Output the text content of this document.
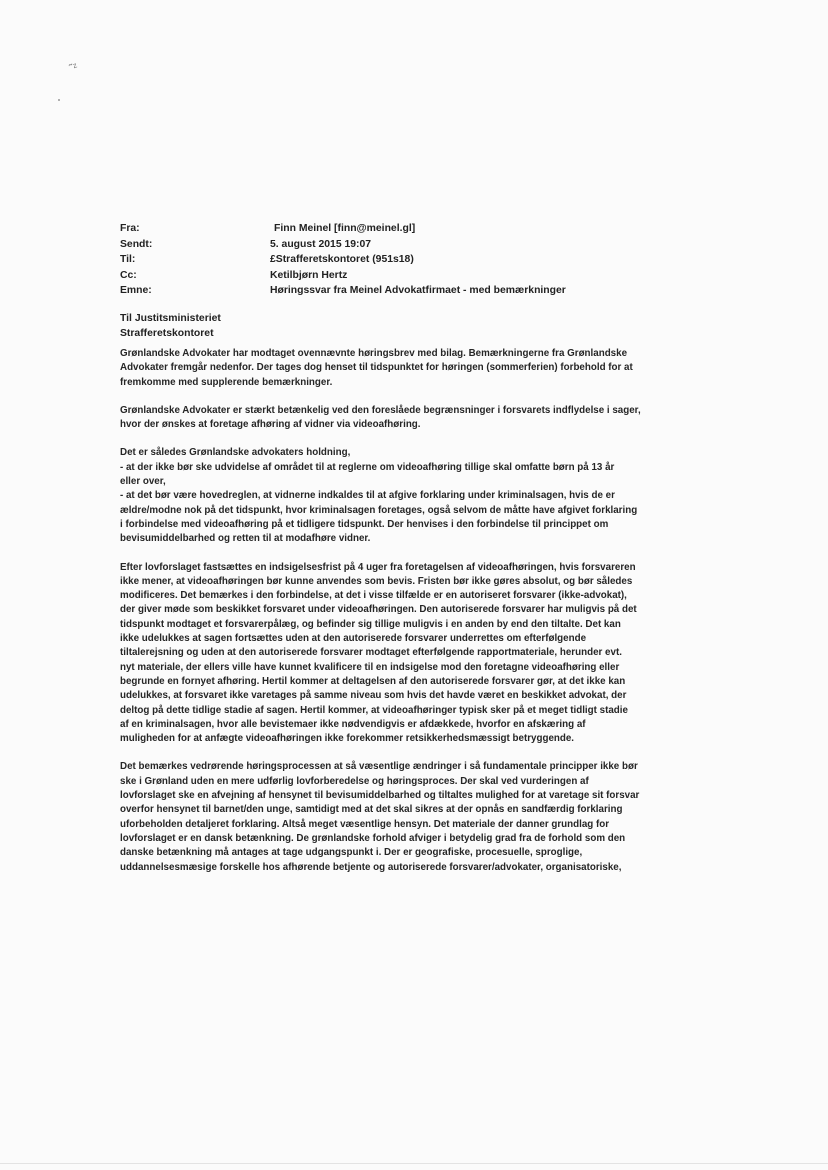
˜ᶻ
Fra:	Finn Meinel [finn@meinel.gl]
Sendt:	5. august 2015 19:07
Til:	£Strafferetskontoret (951s18)
Cc:	Ketilbjørn Hertz
Emne:	Høringssvar fra Meinel Advokatfirmaet - med bemærkninger
Til Justitsministeriet
Strafferetskontoret
Grønlandske Advokater har modtaget ovennævnte høringsbrev med bilag. Bemærkningerne fra Grønlandske
Advokater fremgår nedenfor. Der tages dog henset til tidspunktet for høringen (sommerferien) forbehold for at
fremkomme med supplerende bemærkninger.
Grønlandske Advokater er stærkt betænkelig ved den foreslåede begrænsninger i forsvarets indflydelse i sager,
hvor der ønskes at foretage afhøring af vidner via videoafhøring.
Det er således Grønlandske advokaters holdning,
- at der ikke bør ske udvidelse af området til at reglerne om videoafhøring tillige skal omfatte børn på 13 år
eller over,
- at det bør være hovedreglen, at vidnerne indkaldes til at afgive forklaring under kriminalsagen, hvis de er
ældre/modne nok på det tidspunkt, hvor kriminalsagen foretages, også selvom de måtte have afgivet forklaring
i forbindelse med videoafhøring på et tidligere tidspunkt. Der henvises i den forbindelse til princippet om
bevisumiddelbarhed og retten til at modafhøre vidner.
Efter lovforslaget fastsættes en indsigelsesfrist på 4 uger fra foretagelsen af videoafhøringen, hvis forsvareren
ikke mener, at videoafhøringen bør kunne anvendes som bevis. Fristen bør ikke gøres absolut, og bør således
modificeres. Det bemærkes i den forbindelse, at det i visse tilfælde er en autoriseret forsvarer (ikke-advokat),
der giver møde som beskikket forsvaret under videoafhøringen. Den autoriserede forsvarer har muligvis på det
tidspunkt modtaget et forsvarerpålæg, og befinder sig tillige muligvis i en anden by end den tiltalte. Det kan
ikke udelukkes at sagen fortsættes uden at den autoriserede forsvarer underrettes om efterfølgende
tiltalerejsning og uden at den autoriserede forsvarer modtaget efterfølgende rapportmateriale, herunder evt.
nyt materiale, der ellers ville have kunnet kvalificere til en indsigelse mod den foretagne videoafhøring eller
begrunde en fornyet afhøring. Hertil kommer at deltagelsen af den autoriserede forsvarer gør, at det ikke kan
udelukkes, at forsvaret ikke varetages på samme niveau som hvis det havde været en beskikket advokat, der
deltog på dette tidlige stadie af sagen. Hertil kommer, at videoafhøringer typisk sker på et meget tidligt stadie
af en kriminalsagen, hvor alle bevistemaer ikke nødvendigvis er afdækkede, hvorfor en afskæring af
muligheden for at anfægte videoafhøringen ikke forekommer retsikkerhedsmæssigt betryggende.
Det bemærkes vedrørende høringsprocessen at så væsentlige ændringer i så fundamentale principper ikke bør
ske i Grønland uden en mere udførlig lovforberedelse og høringsproces. Der skal ved vurderingen af
lovforslaget ske en afvejning af hensynet til bevisumiddelbarhed og tiltaltes mulighed for at varetage sit forsvar
overfor hensynet til barnet/den unge, samtidigt med at det skal sikres at der opnås en sandfærdig forklaring
uforbeholden detaljeret forklaring. Altså meget væsentlige hensyn. Det materiale der danner grundlag for
lovforslaget er en dansk betænkning. De grønlandske forhold afviger i betydelig grad fra de forhold som den
danske betænkning må antages at tage udgangspunkt i. Der er geografiske, procesuelle, sproglige,
uddannelsesmæsige forskelle hos afhørende betjente og autoriserede forsvarer/advokater, organisatoriske,
